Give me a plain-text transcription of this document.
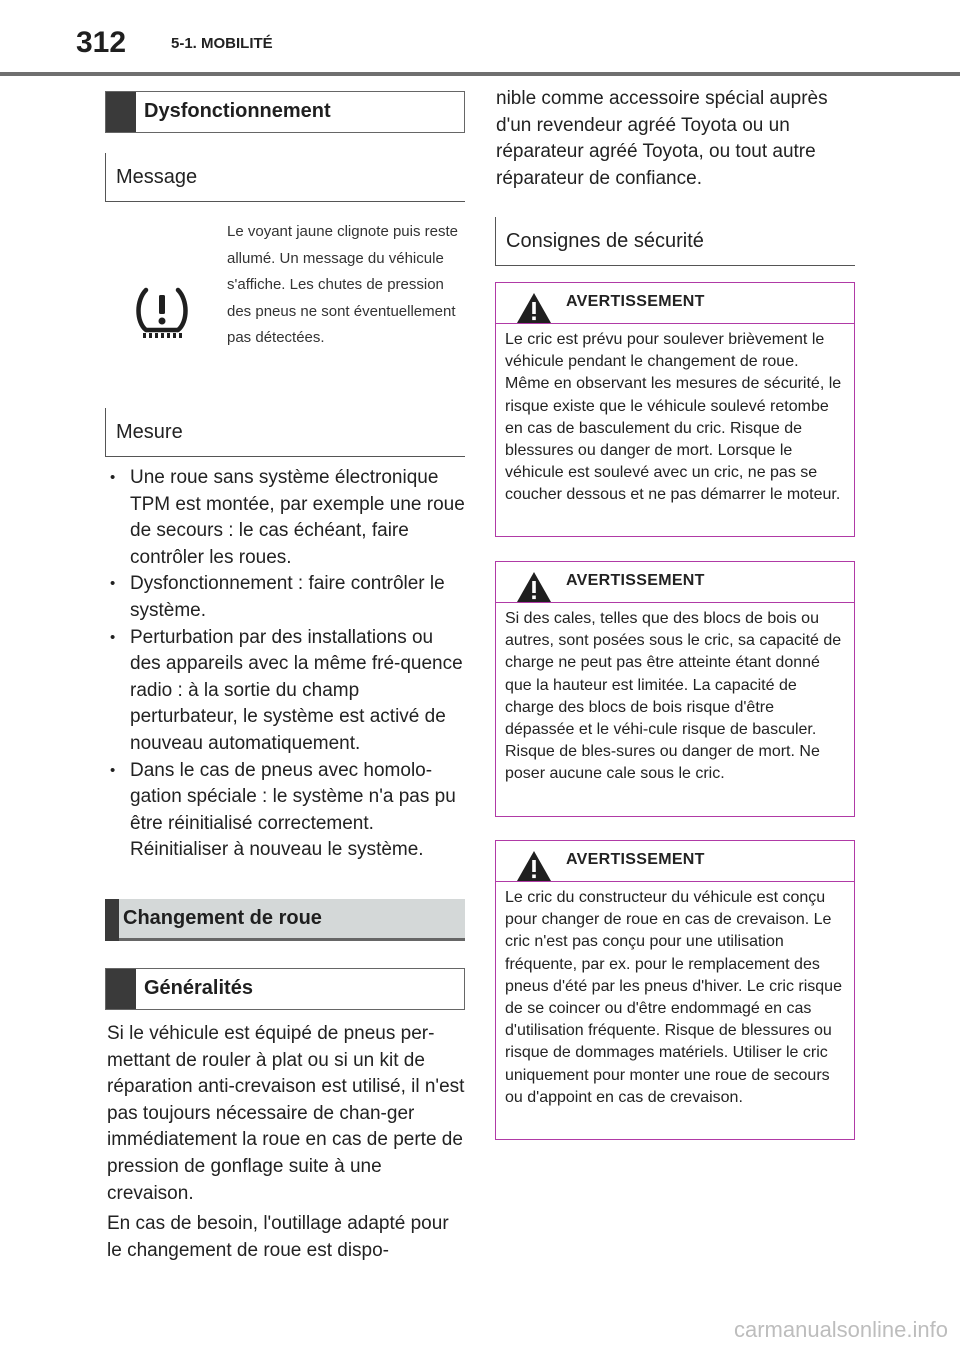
312	5-1. MOBILITÉ
Dysfonctionnement
Message
Le voyant jaune clignote puis reste allumé. Un message du véhicule s'affiche. Les chutes de pression des pneus ne sont éventuellement pas détectées.
Mesure
• Une roue sans système électronique TPM est montée, par exemple une roue de secours : le cas échéant, faire contrôler les roues.
• Dysfonctionnement : faire contrôler le système.
• Perturbation par des installations ou des appareils avec la même fré-quence radio : à la sortie du champ perturbateur, le système est activé de nouveau automatiquement.
• Dans le cas de pneus avec homolo-gation spéciale : le système n'a pas pu être réinitialisé correctement. Réinitialiser à nouveau le système.
Changement de roue
Généralités

Si le véhicule est équipé de pneus per-mettant de rouler à plat ou si un kit de réparation anti-crevaison est utilisé, il n'est pas toujours nécessaire de chan-ger immédiatement la roue en cas de perte de pression de gonflage suite à une crevaison.

En cas de besoin, l'outillage adapté pour le changement de roue est dispo-

nible comme accessoire spécial auprès d'un revendeur agréé Toyota ou un réparateur agréé Toyota, ou tout autre réparateur de confiance.

Consignes de sécurité
AVERTISSEMENT
Le cric est prévu pour soulever brièvement le véhicule pendant le changement de roue. Même en observant les mesures de sécurité, le risque existe que le véhicule soulevé retombe en cas de basculement du cric. Risque de blessures ou danger de mort. Lorsque le véhicule est soulevé avec un cric, ne pas se coucher dessous et ne pas démarrer le moteur.
AVERTISSEMENT
Si des cales, telles que des blocs de bois ou autres, sont posées sous le cric, sa capacité de charge ne peut pas être atteinte étant donné que la hauteur est limitée. La capacité de charge des blocs de bois risque d'être dépassée et le véhi-cule risque de basculer. Risque de bles-sures ou danger de mort. Ne poser aucune cale sous le cric.
AVERTISSEMENT
Le cric du constructeur du véhicule est conçu pour changer de roue en cas de crevaison. Le cric n'est pas conçu pour une utilisation fréquente, par ex. pour le remplacement des pneus d'été par les pneus d'hiver. Le cric risque de se coincer ou d'être endommagé en cas d'utilisation fréquente. Risque de blessures ou risque de dommages matériels. Utiliser le cric uniquement pour monter une roue de secours ou d'appoint en cas de crevaison.
carmanualsonline.info
